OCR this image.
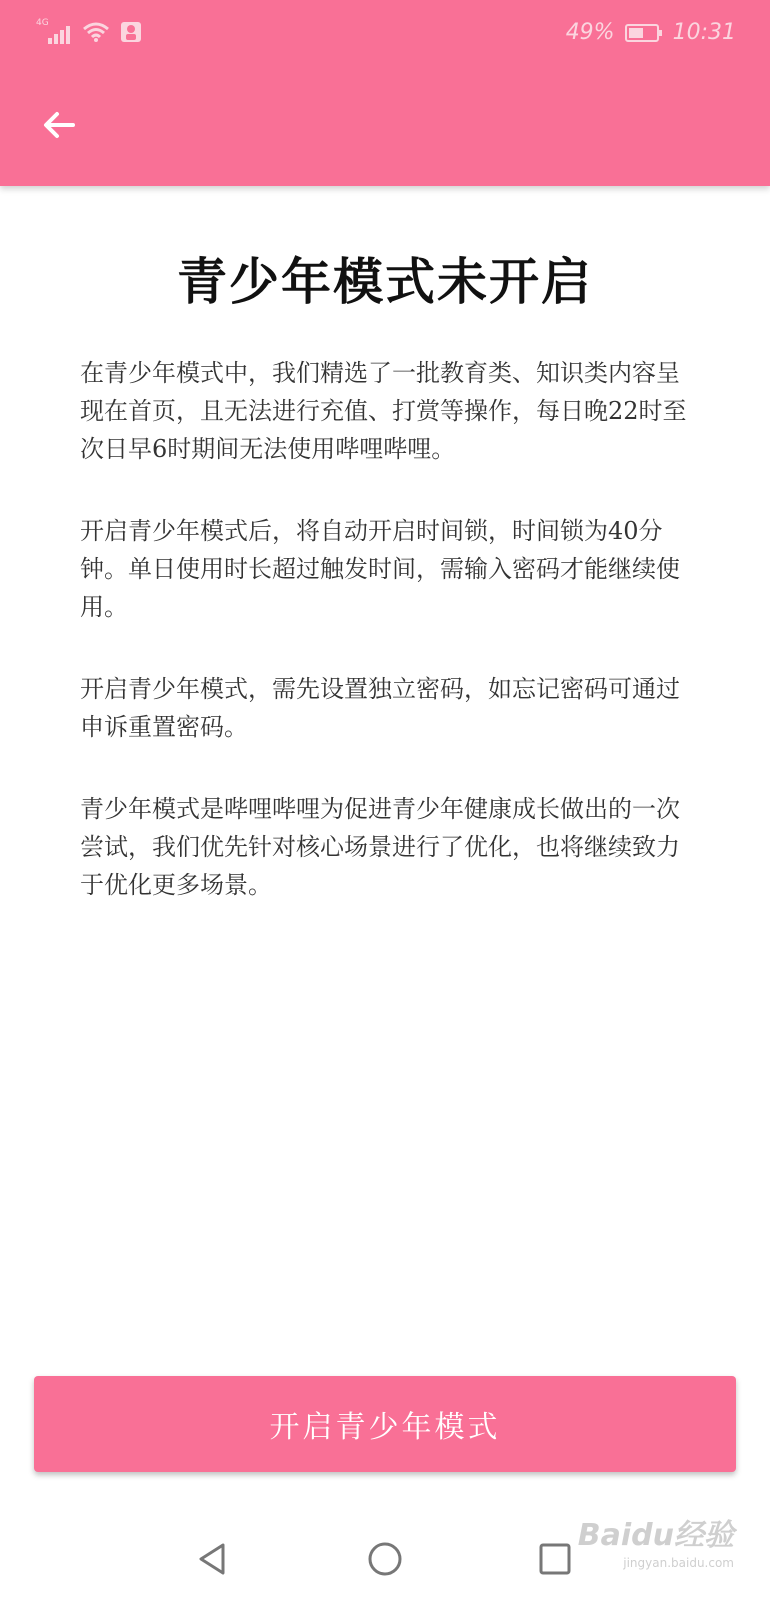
4G	49%	10:31
青少年模式未开启

在青少年模式中，我们精选了一批教育类、知识类内容呈现在首页，且无法进行充值、打赏等操作，每日晚22时至次日早6时期间无法使用哔哩哔哩。

开启青少年模式后，将自动开启时间锁，时间锁为40分钟。单日使用时长超过触发时间，需输入密码才能继续使用。

开启青少年模式，需先设置独立密码，如忘记密码可通过申诉重置密码。

青少年模式是哔哩哔哩为促进青少年健康成长做出的一次尝试，我们优先针对核心场景进行了优化，也将继续致力于优化更多场景。

开启青少年模式
Baidu经验
jingyan.baidu.com
